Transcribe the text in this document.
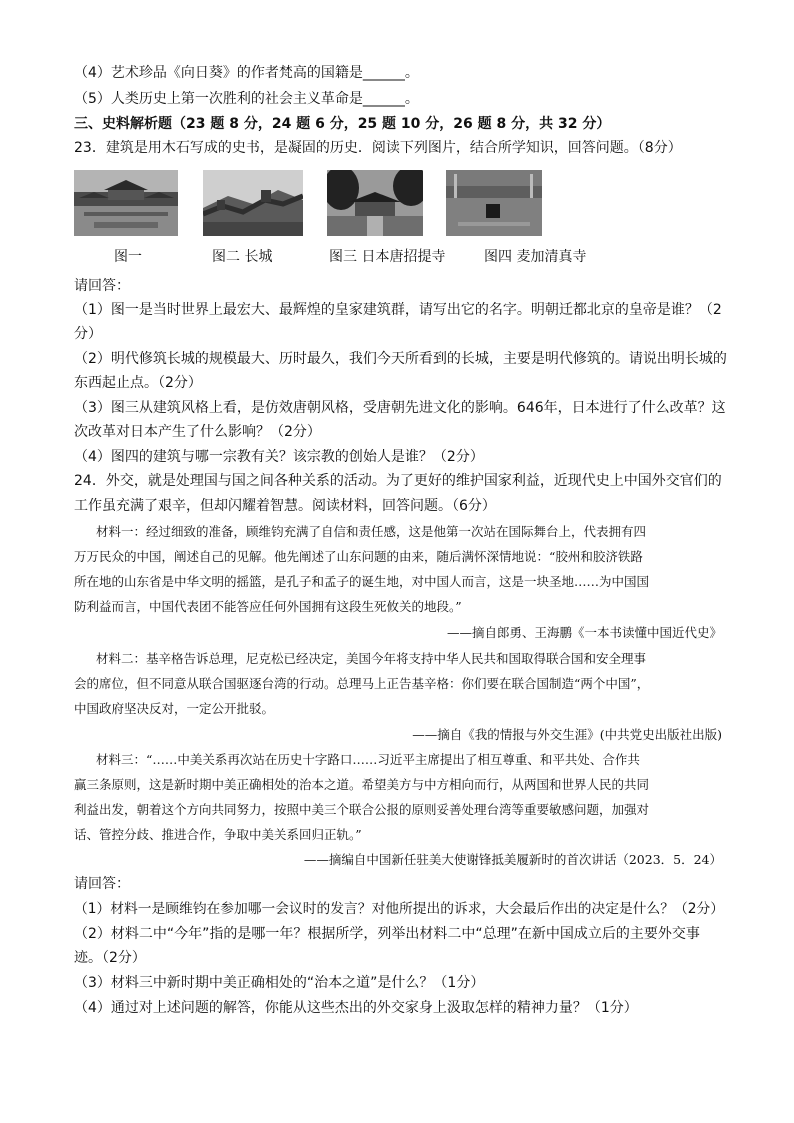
（4）艺术珍品《向日葵》的作者梵高的国籍是______。
（5）人类历史上第一次胜利的社会主义革命是______。
三、史料解析题（23 题 8 分，24 题 6 分，25 题 10 分，26 题 8 分，共 32 分）
23．建筑是用木石写成的史书，是凝固的历史．阅读下列图片，结合所学知识，回答问题。（8分）
图一	图二 长城	图三 日本唐招提寺	图四 麦加清真寺
请回答：
（1）图一是当时世界上最宏大、最辉煌的皇家建筑群，请写出它的名字。明朝迁都北京的皇帝是谁？（2
分）
（2）明代修筑长城的规模最大、历时最久，我们今天所看到的长城，主要是明代修筑的。请说出明长城的
东西起止点。（2分）
（3）图三从建筑风格上看，是仿效唐朝风格，受唐朝先进文化的影响。646年，日本进行了什么改革？这
次改革对日本产生了什么影响？（2分）
（4）图四的建筑与哪一宗教有关？该宗教的创始人是谁？（2分）
24．外交，就是处理国与国之间各种关系的活动。为了更好的维护国家利益，近现代史上中国外交官们的
工作虽充满了艰辛，但却闪耀着智慧。阅读材料，回答问题。（6分）
材料一：经过细致的准备，顾维钧充满了自信和责任感，这是他第一次站在国际舞台上，代表拥有四
万万民众的中国，阐述自己的见解。他先阐述了山东问题的由来，随后满怀深情地说：“胶州和胶济铁路
所在地的山东省是中华文明的摇篮，是孔子和孟子的诞生地，对中国人而言，这是一块圣地……为中国国
防利益而言，中国代表团不能答应任何外国拥有这段生死攸关的地段。”
——摘自郎勇、王海鹏《一本书读懂中国近代史》
材料二：基辛格告诉总理，尼克松已经决定，美国今年将支持中华人民共和国取得联合国和安全理事
会的席位，但不同意从联合国驱逐台湾的行动。总理马上正告基辛格：你们要在联合国制造“两个中国”，
中国政府坚决反对，一定公开批驳。
——摘自《我的情报与外交生涯》(中共党史出版社出版)
材料三：“……中美关系再次站在历史十字路口……习近平主席提出了相互尊重、和平共处、合作共
赢三条原则，这是新时期中美正确相处的治本之道。希望美方与中方相向而行，从两国和世界人民的共同
利益出发，朝着这个方向共同努力，按照中美三个联合公报的原则妥善处理台湾等重要敏感问题，加强对
话、管控分歧、推进合作，争取中美关系回归正轨。”
——摘编自中国新任驻美大使谢锋抵美履新时的首次讲话（2023．5．24）
请回答：
（1）材料一是顾维钧在参加哪一会议时的发言？对他所提出的诉求，大会最后作出的决定是什么？（2分）
（2）材料二中“今年”指的是哪一年？根据所学，列举出材料二中“总理”在新中国成立后的主要外交事
迹。（2分）
（3）材料三中新时期中美正确相处的“治本之道”是什么？（1分）
（4）通过对上述问题的解答，你能从这些杰出的外交家身上汲取怎样的精神力量？（1分）
